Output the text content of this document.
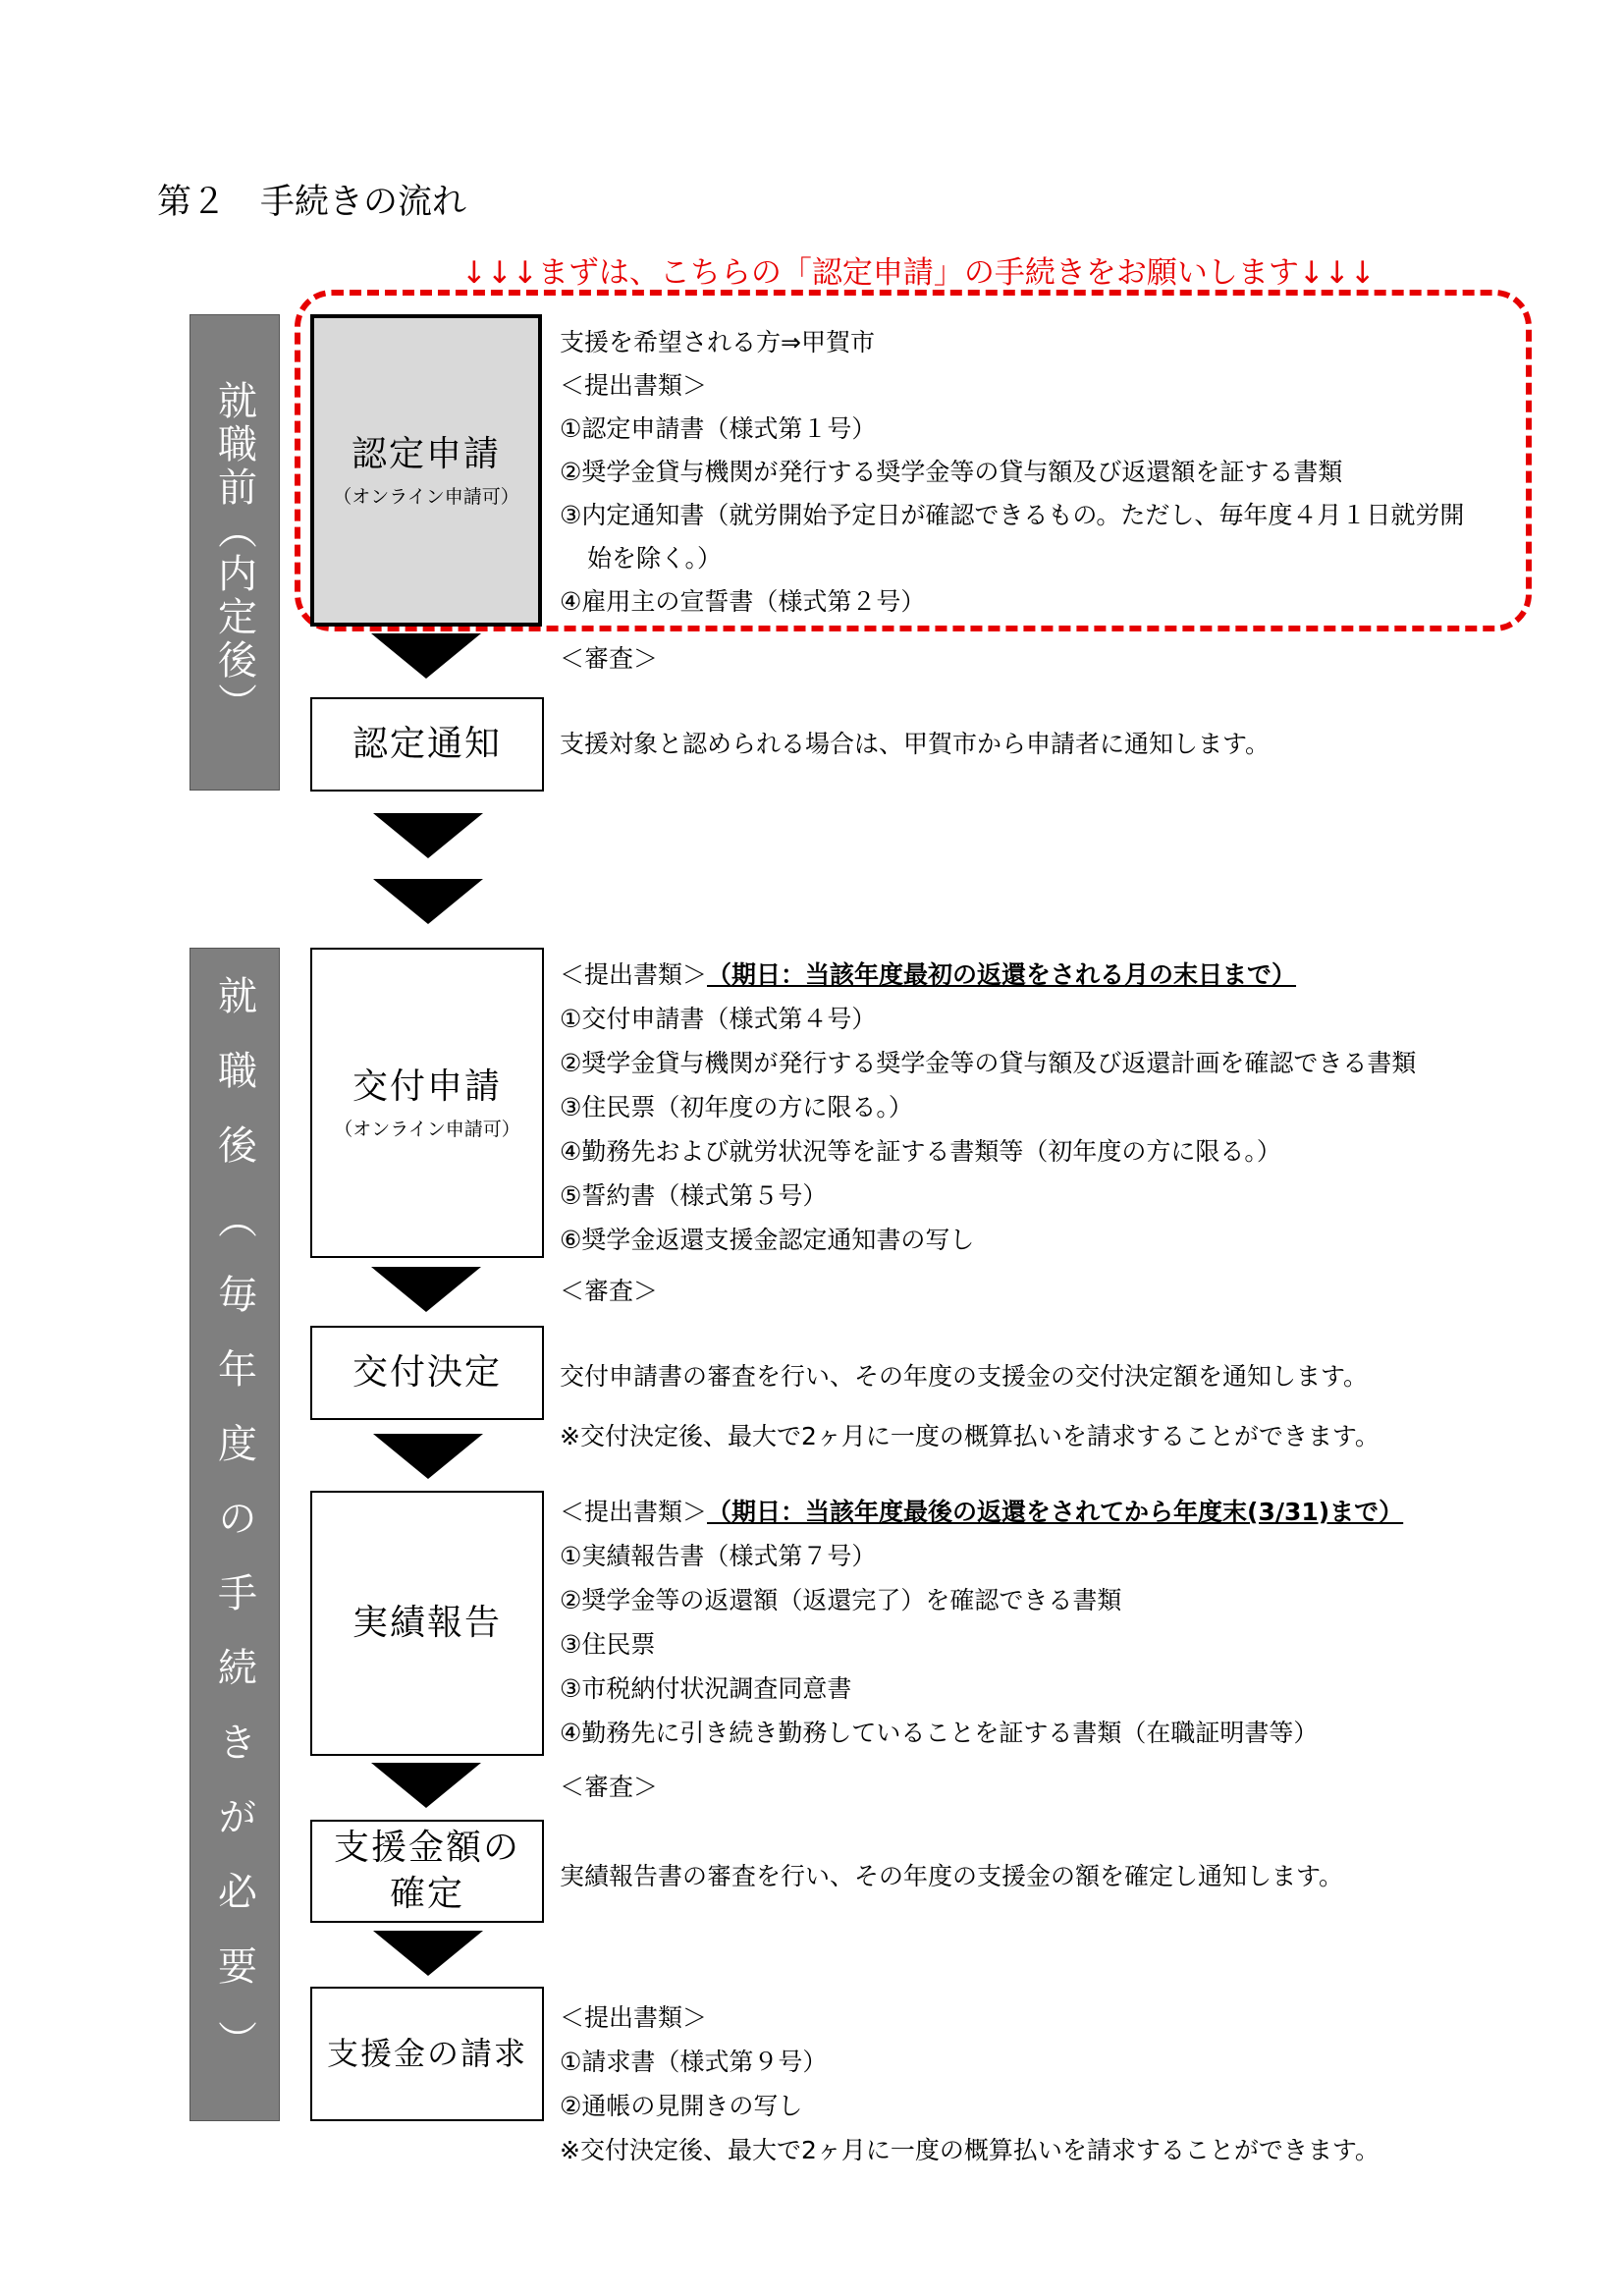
第２　手続きの流れ
↓↓↓まずは、こちらの「認定申請」の手続きをお願いします↓↓↓
就職前（内定後）
就職後（毎年度の手続きが必要）
認定申請
（オンライン申請可）
支援を希望される方⇒甲賀市
＜提出書類＞
①認定申請書（様式第１号）
②奨学金貸与機関が発行する奨学金等の貸与額及び返還額を証する書類
③内定通知書（就労開始予定日が確認できるもの。ただし、毎年度４月１日就労開
始を除く。）
④雇用主の宣誓書（様式第２号）
＜審査＞
認定通知 支援対象と認められる場合は、甲賀市から申請者に通知します。
交付申請
（オンライン申請可）
＜提出書類＞（期日：当該年度最初の返還をされる月の末日まで）
①交付申請書（様式第４号）
②奨学金貸与機関が発行する奨学金等の貸与額及び返還計画を確認できる書類
③住民票（初年度の方に限る。）
④勤務先および就労状況等を証する書類等（初年度の方に限る。）
⑤誓約書（様式第５号）
⑥奨学金返還支援金認定通知書の写し
＜審査＞
交付決定 交付申請書の審査を行い、その年度の支援金の交付決定額を通知します。
※交付決定後、最大で2ヶ月に一度の概算払いを請求することができます。
実績報告
＜提出書類＞（期日：当該年度最後の返還をされてから年度末(3/31)まで）
①実績報告書（様式第７号）
②奨学金等の返還額（返還完了）を確認できる書類
③住民票
③市税納付状況調査同意書
④勤務先に引き続き勤務していることを証する書類（在職証明書等）
＜審査＞
支援金額の
確定	実績報告書の審査を行い、その年度の支援金の額を確定し通知します。
支援金の請求
＜提出書類＞
①請求書（様式第９号）
②通帳の見開きの写し
※交付決定後、最大で2ヶ月に一度の概算払いを請求することができます。
